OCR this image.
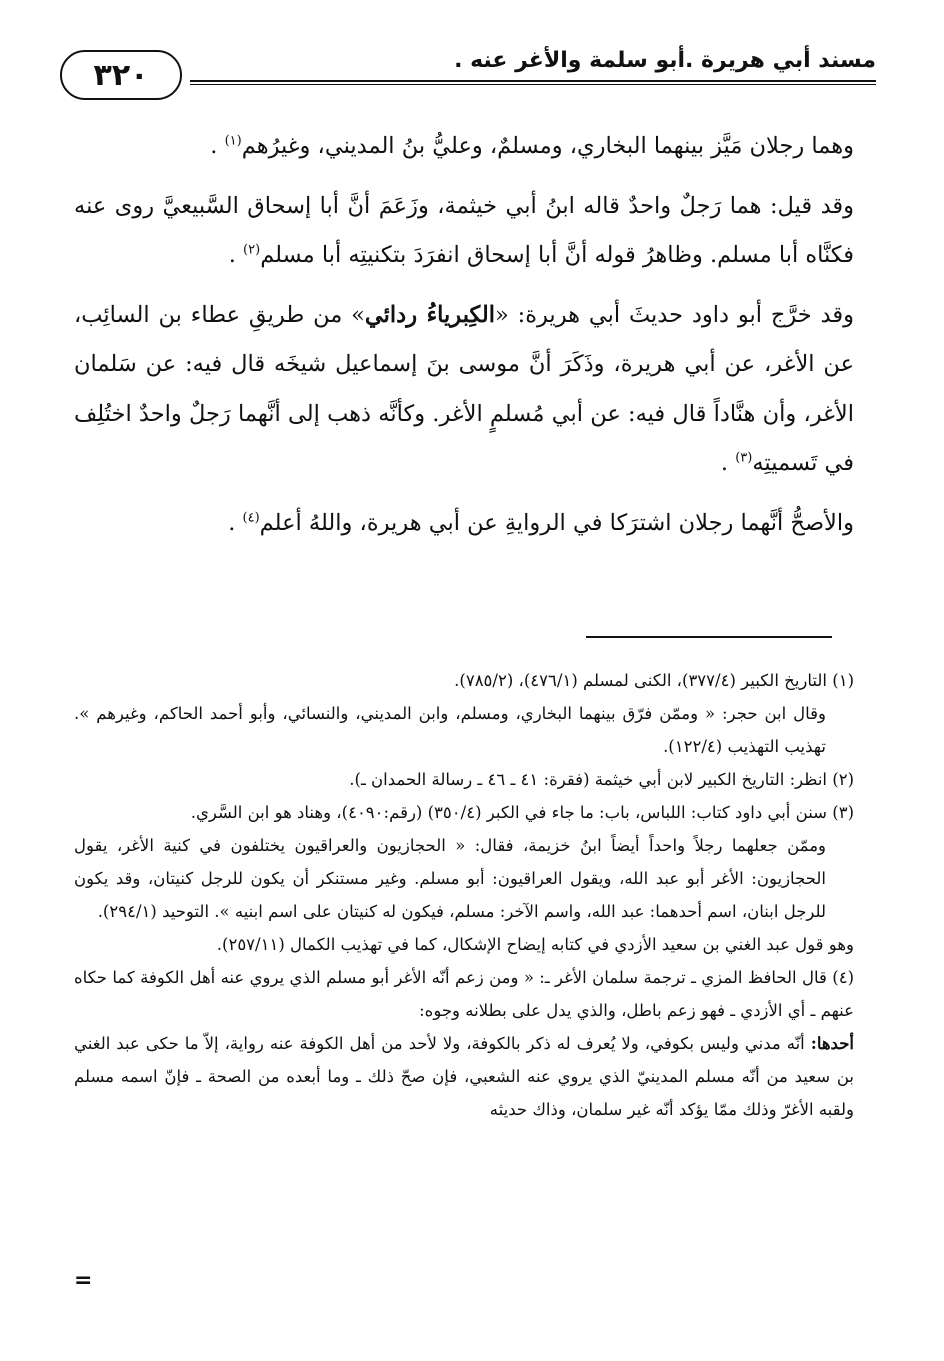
٣٢٠	مسند أبي هريرة .أبو سلمة والأغر عنه .

وهما رجلان مَيَّز بينهما البخاري، ومسلمٌ، وعليُّ بنُ المديني، وغيرُهم$^{(١)}$ .

وقد قيل: هما رَجلٌ واحدٌ قاله ابنُ أبي خيثمة، وزَعَمَ أنَّ أبا إسحاق السَّبيعيَّ روى عنه فكنَّاه أبا مسلم. وظاهرُ قوله أنَّ أبا إسحاق انفرَدَ بتكنيتِه أبا مسلم$^{(٢)}$ .

وقد خرَّج أبو داود حديثَ أبي هريرة: «الكِبرياءُ ردائي» من طريقِ عطاء بن السائِب، عن الأغر، عن أبي هريرة، وذَكَرَ أنَّ موسى بنَ إسماعيل شيخَه قال فيه: عن سَلمان الأغر، وأن هنَّاداً قال فيه: عن أبي مُسلمٍ الأغر. وكأنَّه ذهب إلى أنَّهما رَجلٌ واحدٌ اختُلِف في تَسميتِه$^{(٣)}$ .

والأصحُّ أنَّهما رجلان اشترَكا في الروايةِ عن أبي هريرة، واللهُ أعلم$^{(٤)}$ .

(١) التاريخ الكبير (٣٧٧/٤)، الكنى لمسلم (٤٧٦/١)، (٧٨٥/٢).

وقال ابن حجر: « وممّن فرّق بينهما البخاري، ومسلم، وابن المديني، والنسائي، وأبو أحمد الحاكم، وغيرهم ». تهذيب التهذيب (١٢٢/٤).

(٢) انظر: التاريخ الكبير لابن أبي خيثمة (فقرة: ٤١ ـ ٤٦ ـ رسالة الحمدان ـ).

(٣) سنن أبي داود كتاب: اللباس، باب: ما جاء في الكبر (٣٥٠/٤) (رقم:٤٠٩٠)، وهناد هو ابن السَّري.

وممّن جعلهما رجلاً واحداً أيضاً ابنُ خزيمة، فقال: « الحجازيون والعراقيون يختلفون في كنية الأغر، يقول الحجازيون: الأغر أبو عبد الله، ويقول العراقيون: أبو مسلم. وغير مستنكر أن يكون للرجل كنيتان، وقد يكون للرجل ابنان، اسم أحدهما: عبد الله، واسم الآخر: مسلم، فيكون له كنيتان على اسم ابنيه ». التوحيد (٢٩٤/١).

وهو قول عبد الغني بن سعيد الأزدي في كتابه إيضاح الإشكال، كما في تهذيب الكمال (٢٥٧/١١).

(٤) قال الحافظ المزي ـ ترجمة سلمان الأغر ـ: « ومن زعم أنّه الأغر أبو مسلم الذي يروي عنه أهل الكوفة كما حكاه عنهم ـ أي الأزدي ـ فهو زعم باطل، والذي يدل على بطلانه وجوه:

أحدها: أنّه مدني وليس بكوفي، ولا يُعرف له ذكر بالكوفة، ولا لأحد من أهل الكوفة عنه رواية، إلاّ ما حكى عبد الغني بن سعيد من أنّه مسلم المدينيّ الذي يروي عنه الشعبي، فإن صحّ ذلك ـ وما أبعده من الصحة ـ فإنّ اسمه مسلم ولقبه الأغرّ وذلك ممّا يؤكد أنّه غير سلمان، وذاك حديثه

=
